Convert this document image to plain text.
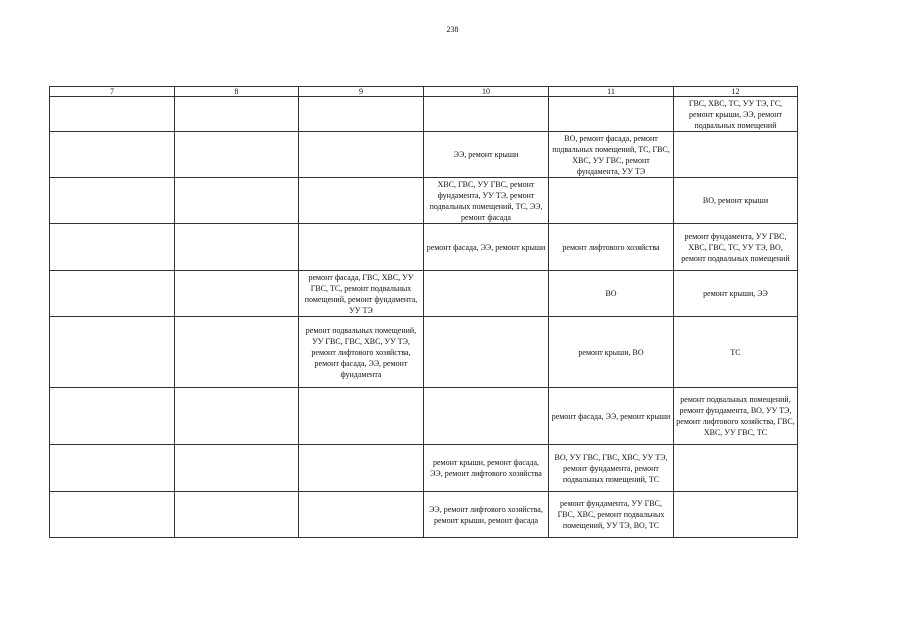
238
7	8	9	10	11	12
					ГВС, ХВС, ТС, УУ ТЭ, ГС, ремонт крыши, ЭЭ, ремонт подвальных помещений
			ЭЭ, ремонт крыши	ВО, ремонт фасада, ремонт подвальных помещений, ТС, ГВС, ХВС, УУ ГВС, ремонт фундамента, УУ ТЭ	
			ХВС, ГВС, УУ ГВС, ремонт фундамента, УУ ТЭ, ремонт подвальных помещений, ТС, ЭЭ, ремонт фасада		ВО, ремонт крыши
			ремонт фасада, ЭЭ, ремонт крыши	ремонт лифтового хозяйства	ремонт фундамента, УУ ГВС, ХВС, ГВС, ТС, УУ ТЭ, ВО, ремонт подвальных помещений
		ремонт фасада, ГВС, ХВС, УУ ГВС, ТС, ремонт подвальных помещений, ремонт фундамента, УУ ТЭ		ВО	ремонт крыши, ЭЭ
		ремонт подвальных помещений, УУ ГВС, ГВС, ХВС, УУ ТЭ, ремонт лифтового хозяйства, ремонт фасада, ЭЭ, ремонт фундамента		ремонт крыши, ВО	ТС
				ремонт фасада, ЭЭ, ремонт крыши	ремонт подвальных помещений, ремонт фундамента, ВО, УУ ТЭ, ремонт лифтового хозяйства, ГВС, ХВС, УУ ГВС, ТС
			ремонт крыши, ремонт фасада, ЭЭ, ремонт лифтового хозяйства	ВО, УУ ГВС, ГВС, ХВС, УУ ТЭ, ремонт фундамента, ремонт подвальных помещений, ТС	
			ЭЭ, ремонт лифтового хозяйства, ремонт крыши, ремонт фасада	ремонт фундамента, УУ ГВС, ГВС, ХВС, ремонт подвальных помещений, УУ ТЭ, ВО, ТС	
